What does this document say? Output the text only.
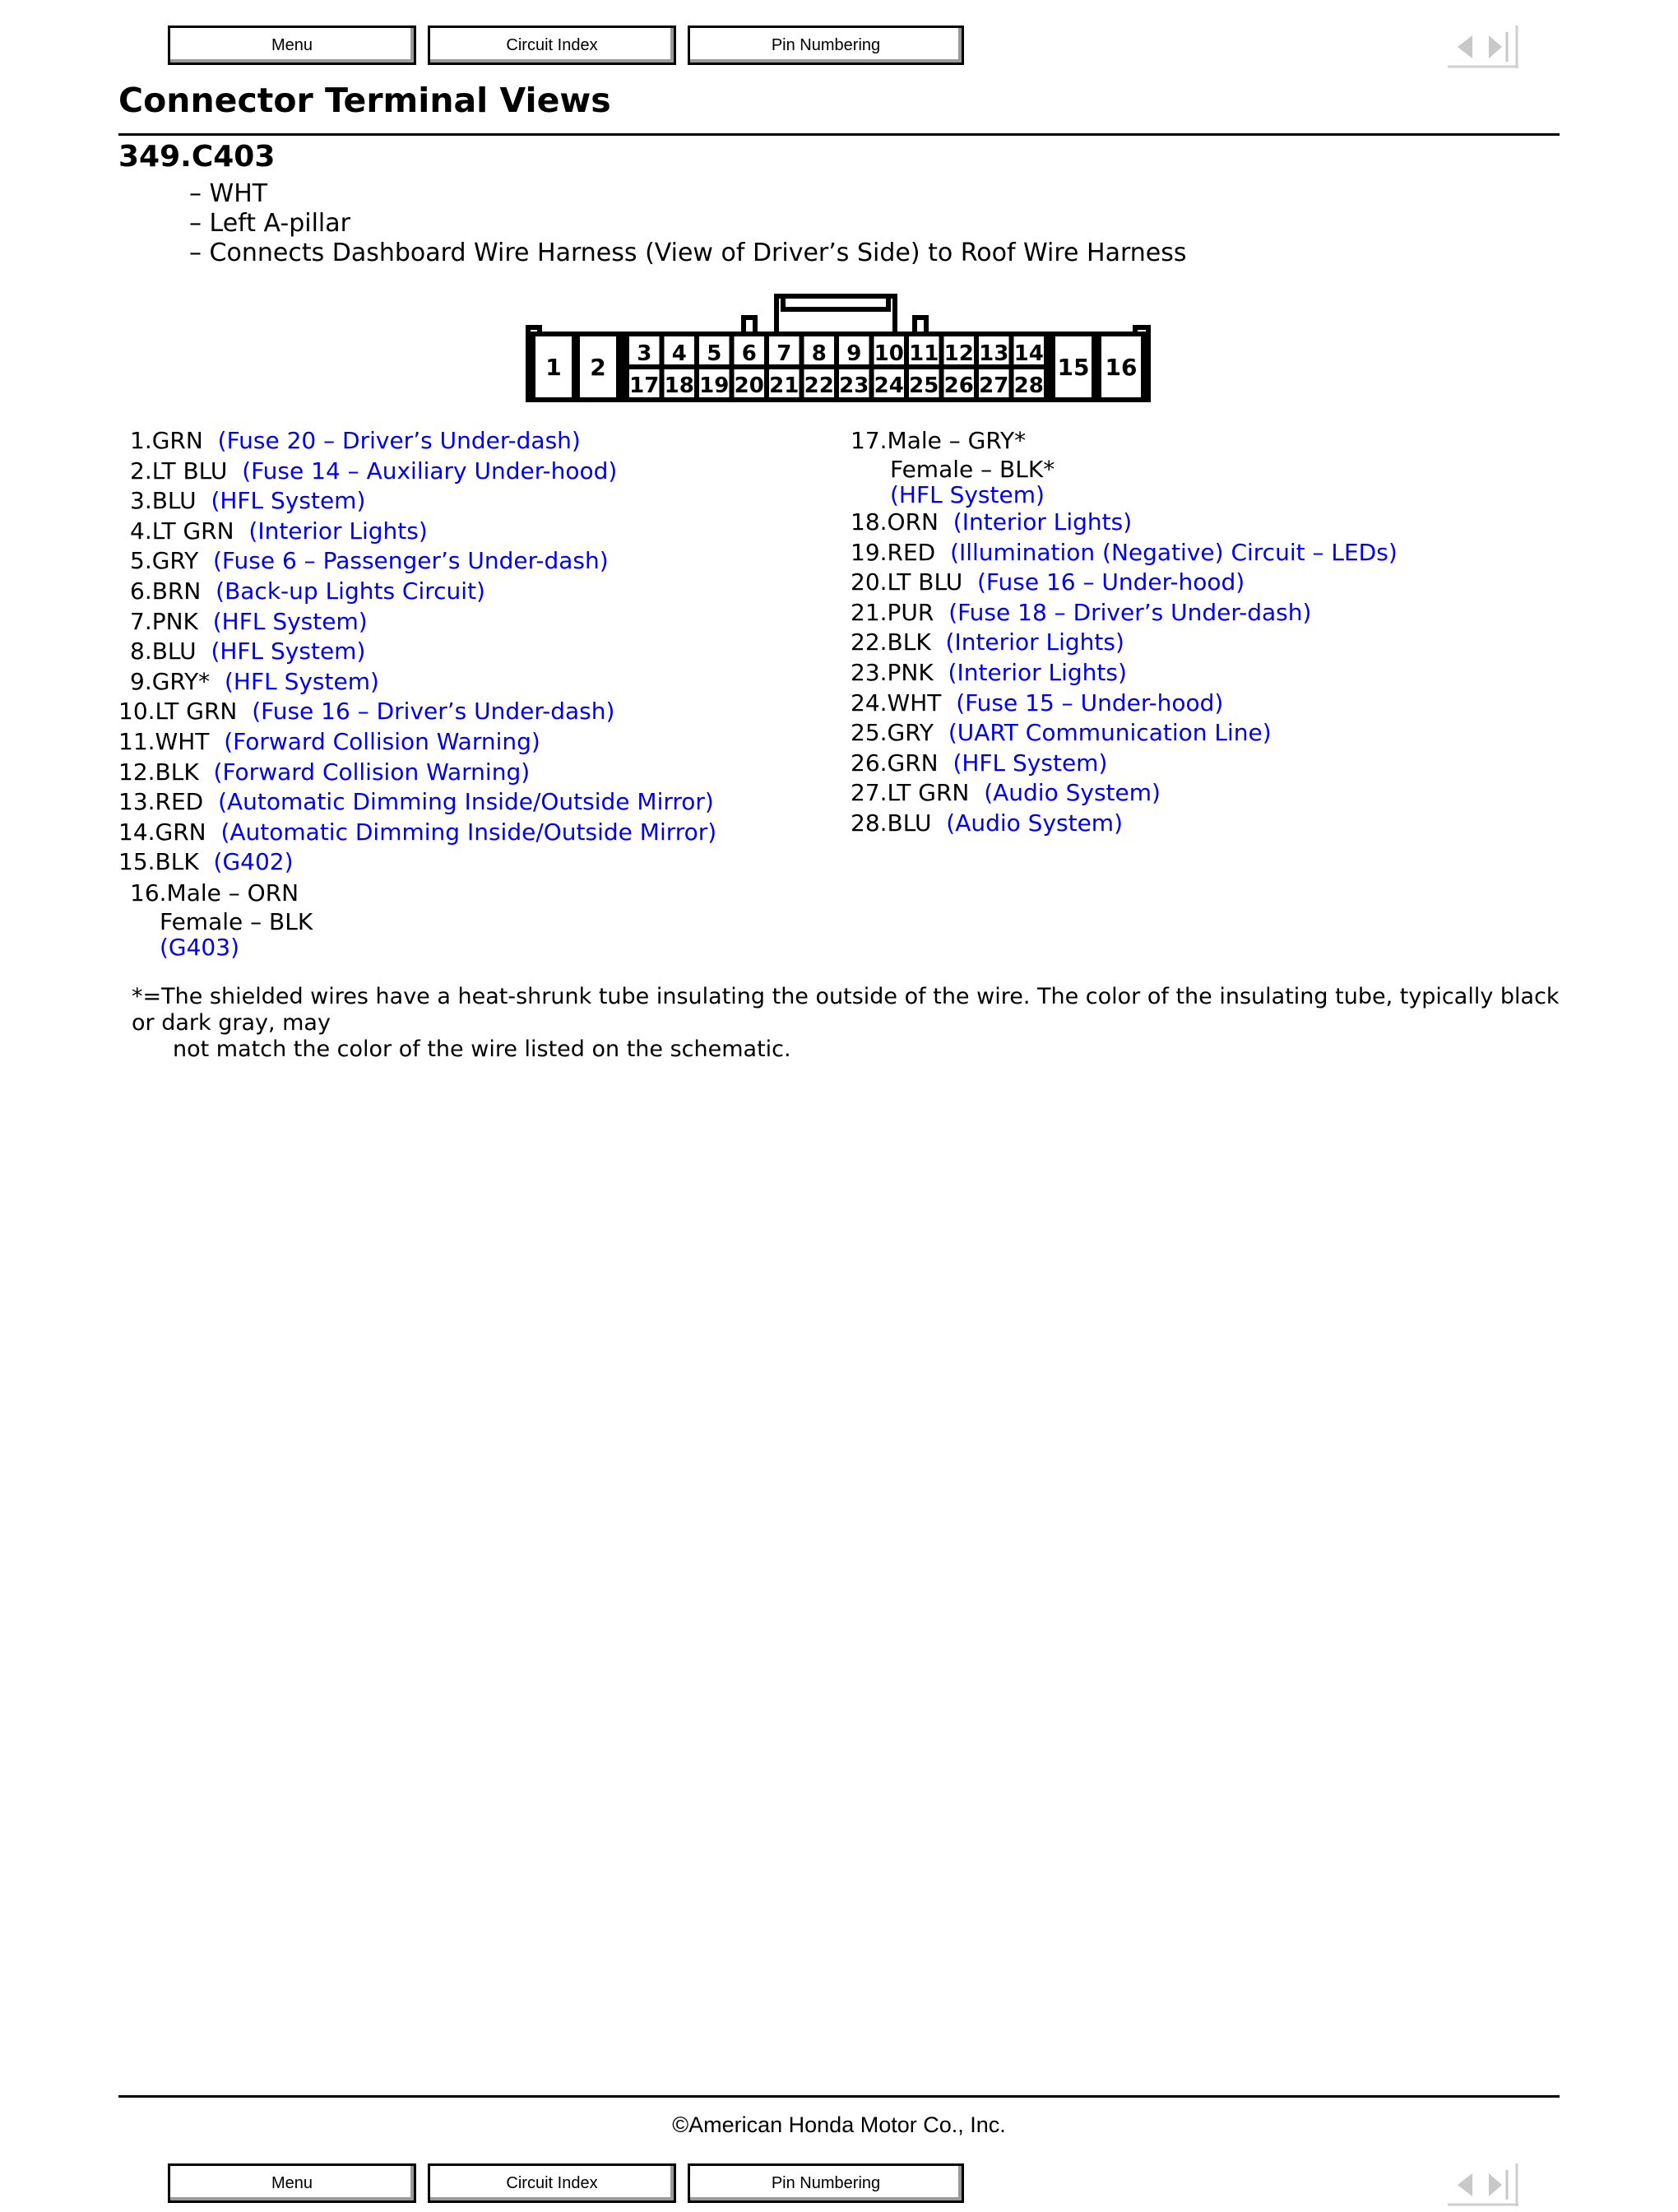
Menu	Circuit Index	Pin Numbering
Connector Terminal Views
349.C403
– WHT
– Left A-pillar
– Connects Dashboard Wire Harness (View of Driver’s Side) to Roof Wire Harness
1 2 3
17
4
18
5
19
6
20
7
21
8
22
9
23
10
24
11
25
12
26
13
27
14
28
15 16
1.GRN (Fuse 20 – Driver’s Under-dash)
2.LT BLU (Fuse 14 – Auxiliary Under-hood)
3.BLU (HFL System)
4.LT GRN (Interior Lights)
5.GRY (Fuse 6 – Passenger’s Under-dash)
6.BRN (Back-up Lights Circuit)
7.PNK (HFL System)
8.BLU (HFL System)
9.GRY* (HFL System)
10.LT GRN (Fuse 16 – Driver’s Under-dash)
11.WHT (Forward Collision Warning)
12.BLK (Forward Collision Warning)
13.RED (Automatic Dimming Inside/Outside Mirror)
14.GRN (Automatic Dimming Inside/Outside Mirror)
15.BLK (G402)
16.Male – ORN
Female – BLK
(G403)
17.Male – GRY*
Female – BLK*
(HFL System)
18.ORN (Interior Lights)
19.RED (Illumination (Negative) Circuit – LEDs)
20.LT BLU (Fuse 16 – Under-hood)
21.PUR (Fuse 18 – Driver’s Under-dash)
22.BLK (Interior Lights)
23.PNK (Interior Lights)
24.WHT (Fuse 15 – Under-hood)
25.GRY (UART Communication Line)
26.GRN (HFL System)
27.LT GRN (Audio System)
28.BLU (Audio System)
*=The shielded wires have a heat-shrunk tube insulating the outside of the wire. The color of the insulating tube, typically black or dark gray, may
not match the color of the wire listed on the schematic.
©American Honda Motor Co., Inc.
Menu	Circuit Index	Pin Numbering
